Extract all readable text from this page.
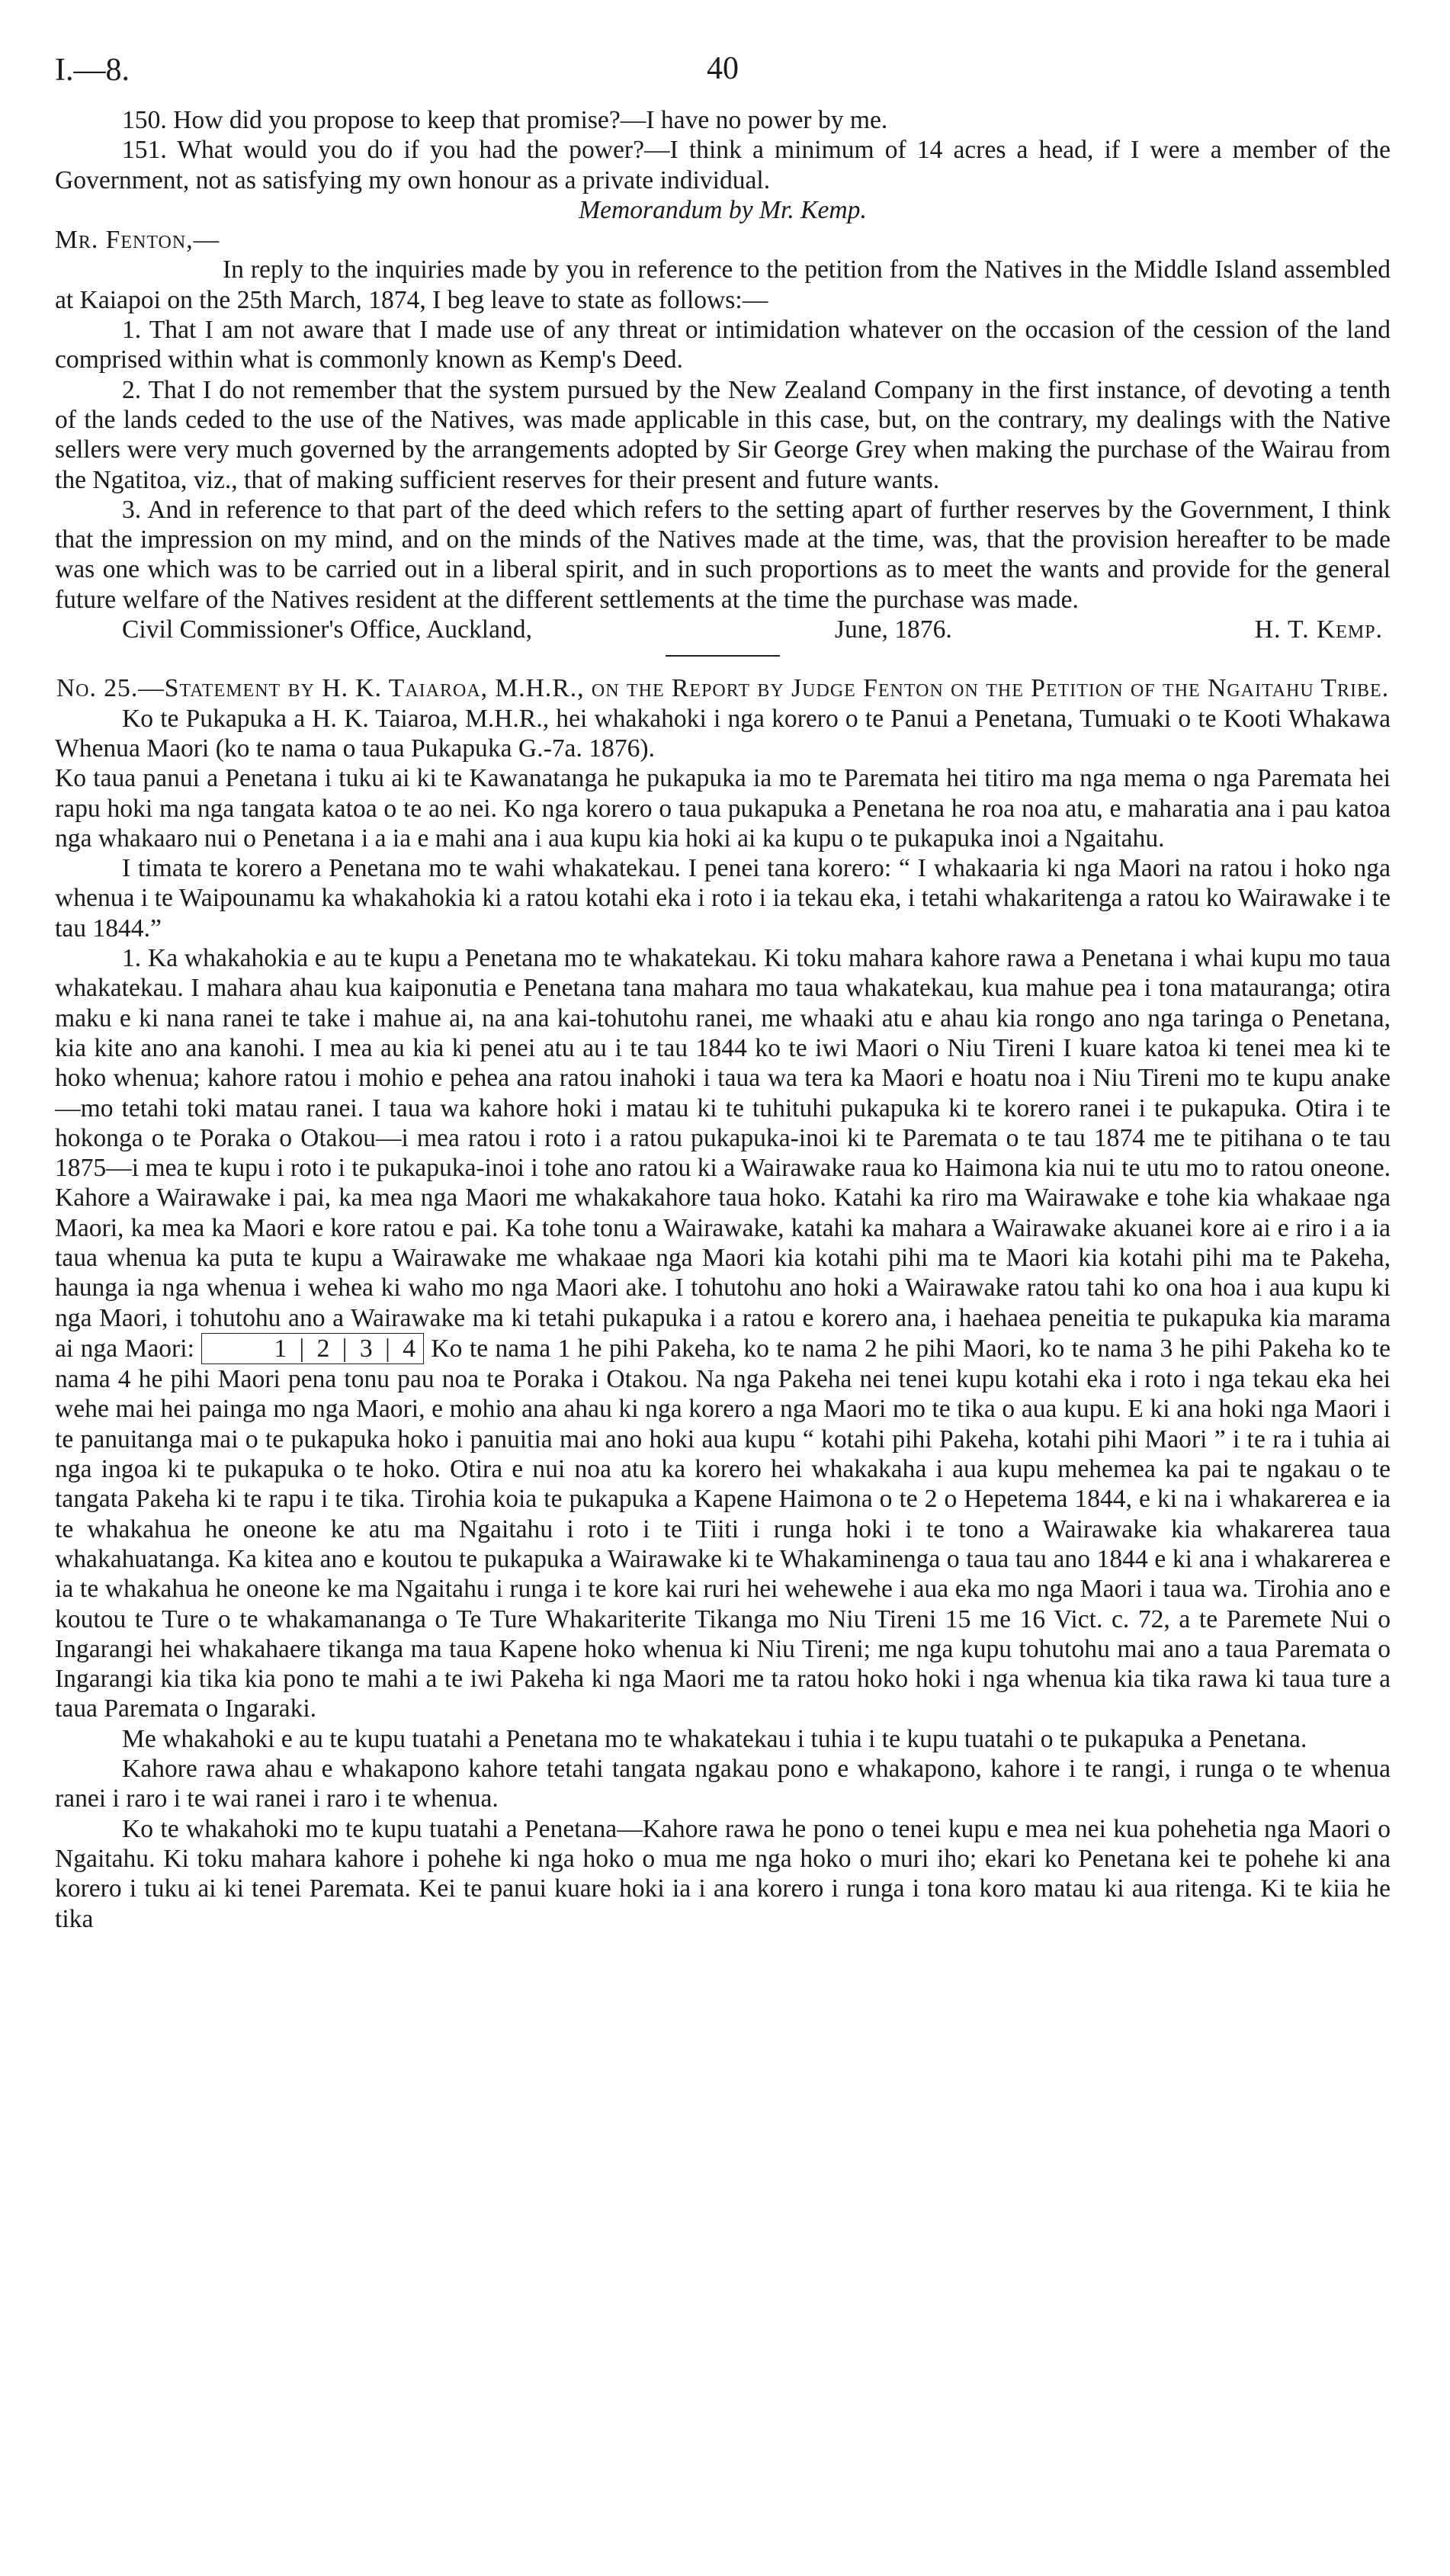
I.—8.	40

150. How did you propose to keep that promise?—I have no power by me.

151. What would you do if you had the power?—I think a minimum of 14 acres a head, if I were a member of the Government, not as satisfying my own honour as a private individual.

Memorandum by Mr. Kemp.

Mr. Fenton,—

In reply to the inquiries made by you in reference to the petition from the Natives in the Middle Island assembled at Kaiapoi on the 25th March, 1874, I beg leave to state as follows:—

1. That I am not aware that I made use of any threat or intimidation whatever on the occasion of the cession of the land comprised within what is commonly known as Kemp's Deed.

2. That I do not remember that the system pursued by the New Zealand Company in the first instance, of devoting a tenth of the lands ceded to the use of the Natives, was made applicable in this case, but, on the contrary, my dealings with the Native sellers were very much governed by the arrangements adopted by Sir George Grey when making the purchase of the Wairau from the Ngatitoa, viz., that of making sufficient reserves for their present and future wants.

3. And in reference to that part of the deed which refers to the setting apart of further reserves by the Government, I think that the impression on my mind, and on the minds of the Natives made at the time, was, that the provision hereafter to be made was one which was to be carried out in a liberal spirit, and in such proportions as to meet the wants and provide for the general future welfare of the Natives resident at the different settlements at the time the purchase was made.

Civil Commissioner's Office, Auckland,	June, 1876.	H. T. Kemp.

No. 25.—Statement by H. K. Taiaroa, M.H.R., on the Report by Judge Fenton on the Petition of the Ngaitahu Tribe.

Ko te Pukapuka a H. K. Taiaroa, M.H.R., hei whakahoki i nga korero o te Panui a Penetana, Tumuaki o te Kooti Whakawa Whenua Maori (ko te nama o taua Pukapuka G.-7a. 1876).

Ko taua panui a Penetana i tuku ai ki te Kawanatanga he pukapuka ia mo te Paremata hei titiro ma nga mema o nga Paremata hei rapu hoki ma nga tangata katoa o te ao nei. Ko nga korero o taua pukapuka a Penetana he roa noa atu, e maharatia ana i pau katoa nga whakaaro nui o Penetana i a ia e mahi ana i aua kupu kia hoki ai ka kupu o te pukapuka inoi a Ngaitahu.

I timata te korero a Penetana mo te wahi whakatekau. I penei tana korero: “ I whakaaria ki nga Maori na ratou i hoko nga whenua i te Waipounamu ka whakahokia ki a ratou kotahi eka i roto i ia tekau eka, i tetahi whakaritenga a ratou ko Wairawake i te tau 1844.”

1. Ka whakahokia e au te kupu a Penetana mo te whakatekau. Ki toku mahara kahore rawa a Penetana i whai kupu mo taua whakatekau. I mahara ahau kua kaiponutia e Penetana tana mahara mo taua whakatekau, kua mahue pea i tona matauranga; otira maku e ki nana ranei te take i mahue ai, na ana kai-tohutohu ranei, me whaaki atu e ahau kia rongo ano nga taringa o Penetana, kia kite ano ana kanohi. I mea au kia ki penei atu au i te tau 1844 ko te iwi Maori o Niu Tireni I kuare katoa ki tenei mea ki te hoko whenua; kahore ratou i mohio e pehea ana ratou inahoki i taua wa tera ka Maori e hoatu noa i Niu Tireni mo te kupu anake—mo tetahi toki matau ranei. I taua wa kahore hoki i matau ki te tuhituhi pukapuka ki te korero ranei i te pukapuka. Otira i te hokonga o te Poraka o Otakou—i mea ratou i roto i a ratou pukapuka-inoi ki te Paremata o te tau 1874 me te pitihana o te tau 1875—i mea te kupu i roto i te pukapuka-inoi i tohe ano ratou ki a Wairawake raua ko Haimona kia nui te utu mo to ratou oneone. Kahore a Wairawake i pai, ka mea nga Maori me whakakahore taua hoko. Katahi ka riro ma Wairawake e tohe kia whakaae nga Maori, ka mea ka Maori e kore ratou e pai. Ka tohe tonu a Wairawake, katahi ka mahara a Wairawake akuanei kore ai e riro i a ia taua whenua ka puta te kupu a Wairawake me whakaae nga Maori kia kotahi pihi ma te Maori kia kotahi pihi ma te Pakeha, haunga ia nga whenua i wehea ki waho mo nga Maori ake. I tohutohu ano hoki a Wairawake ratou tahi ko ona hoa i aua kupu ki nga Maori, i tohutohu ano a Wairawake ma ki tetahi pukapuka i a ratou e korero ana, i haehaea peneitia te pukapuka kia marama ai nga Maori:	1 | 2 | 3 | 4 Ko te nama 1 he pihi Pakeha, ko te nama 2 he pihi Maori, ko te nama 3 he pihi Pakeha ko te nama 4 he pihi Maori pena tonu pau noa te Poraka i Otakou. Na nga Pakeha nei tenei kupu kotahi eka i roto i nga tekau eka hei wehe mai hei painga mo nga Maori, e mohio ana ahau ki nga korero a nga Maori mo te tika o aua kupu. E ki ana hoki nga Maori i te panuitanga mai o te pukapuka hoko i panuitia mai ano hoki aua kupu “ kotahi pihi Pakeha, kotahi pihi Maori ” i te ra i tuhia ai nga ingoa ki te pukapuka o te hoko. Otira e nui noa atu ka korero hei whakakaha i aua kupu mehemea ka pai te ngakau o te tangata Pakeha ki te rapu i te tika. Tirohia koia te pukapuka a Kapene Haimona o te 2 o Hepetema 1844, e ki na i whakarerea e ia te whakahua he oneone ke atu ma Ngaitahu i roto i te Tiiti i runga hoki i te tono a Wairawake kia whakarerea taua whakahuatanga. Ka kitea ano e koutou te pukapuka a Wairawake ki te Whakaminenga o taua tau ano 1844 e ki ana i whakarerea e ia te whakahua he oneone ke ma Ngaitahu i runga i te kore kai ruri hei wehewehe i aua eka mo nga Maori i taua wa. Tirohia ano e koutou te Ture o te whakamananga o Te Ture Whakariterite Tikanga mo Niu Tireni 15 me 16 Vict. c. 72, a te Paremete Nui o Ingarangi hei whakahaere tikanga ma taua Kapene hoko whenua ki Niu Tireni; me nga kupu tohutohu mai ano a taua Paremata o Ingarangi kia tika kia pono te mahi a te iwi Pakeha ki nga Maori me ta ratou hoko hoki i nga whenua kia tika rawa ki taua ture a taua Paremata o Ingaraki.

Me whakahoki e au te kupu tuatahi a Penetana mo te whakatekau i tuhia i te kupu tuatahi o te pukapuka a Penetana.

Kahore rawa ahau e whakapono kahore tetahi tangata ngakau pono e whakapono, kahore i te rangi, i runga o te whenua ranei i raro i te wai ranei i raro i te whenua.

Ko te whakahoki mo te kupu tuatahi a Penetana—Kahore rawa he pono o tenei kupu e mea nei kua pohehetia nga Maori o Ngaitahu. Ki toku mahara kahore i pohehe ki nga hoko o mua me nga hoko o muri iho; ekari ko Penetana kei te pohehe ki ana korero i tuku ai ki tenei Paremata. Kei te panui kuare hoki ia i ana korero i runga i tona koro matau ki aua ritenga. Ki te kiia he tika
